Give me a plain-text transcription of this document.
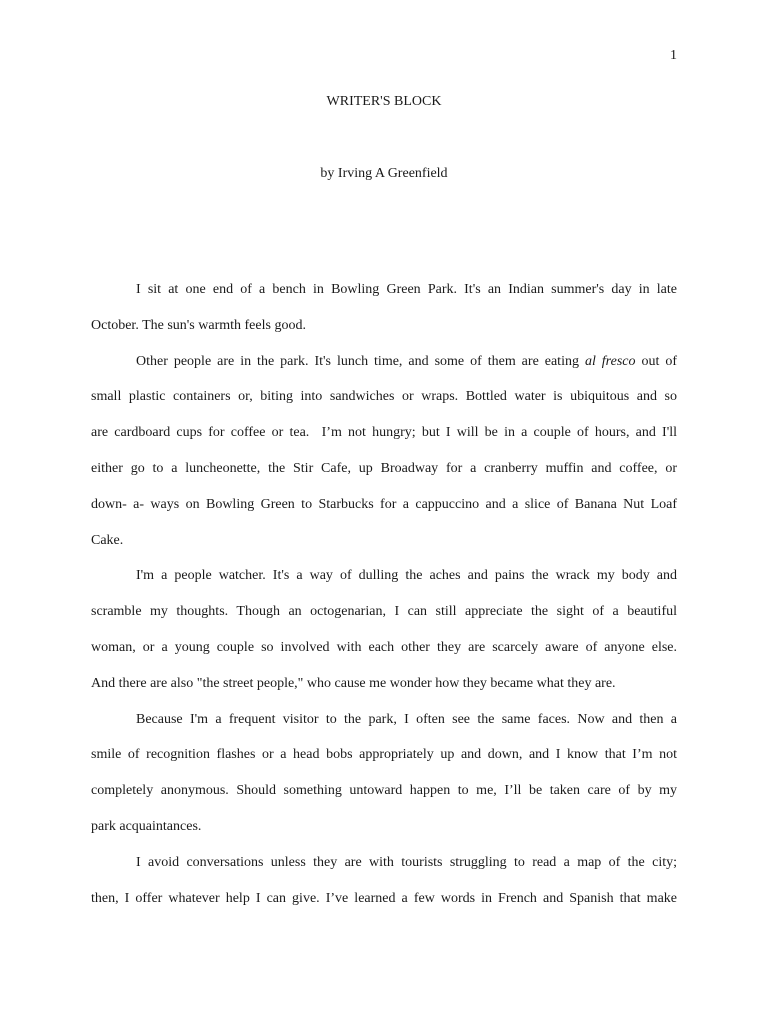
1
WRITER'S BLOCK
by Irving A Greenfield
I sit at one end of a bench in Bowling Green Park. It's an Indian summer's day in late
October. The sun's warmth feels good.
Other people are in the park. It's lunch time, and some of them are eating al fresco out of
small plastic containers or, biting into sandwiches or wraps. Bottled water is ubiquitous and so
are cardboard cups for coffee or tea.  I’m not hungry; but I will be in a couple of hours, and I'll
either go to a luncheonette, the Stir Cafe, up Broadway for a cranberry muffin and coffee, or
down- a- ways on Bowling Green to Starbucks for a cappuccino and a slice of Banana Nut Loaf
Cake.
I'm a people watcher. It's a way of dulling the aches and pains the wrack my body and
scramble my thoughts. Though an octogenarian, I can still appreciate the sight of a beautiful
woman, or a young couple so involved with each other they are scarcely aware of anyone else.
And there are also "the street people," who cause me wonder how they became what they are.
Because I'm a frequent visitor to the park, I often see the same faces. Now and then a
smile of recognition flashes or a head bobs appropriately up and down, and I know that I’m not
completely anonymous. Should something untoward happen to me, I’ll be taken care of by my
park acquaintances.
I avoid conversations unless they are with tourists struggling to read a map of the city;
then, I offer whatever help I can give. I’ve learned a few words in French and Spanish that make
